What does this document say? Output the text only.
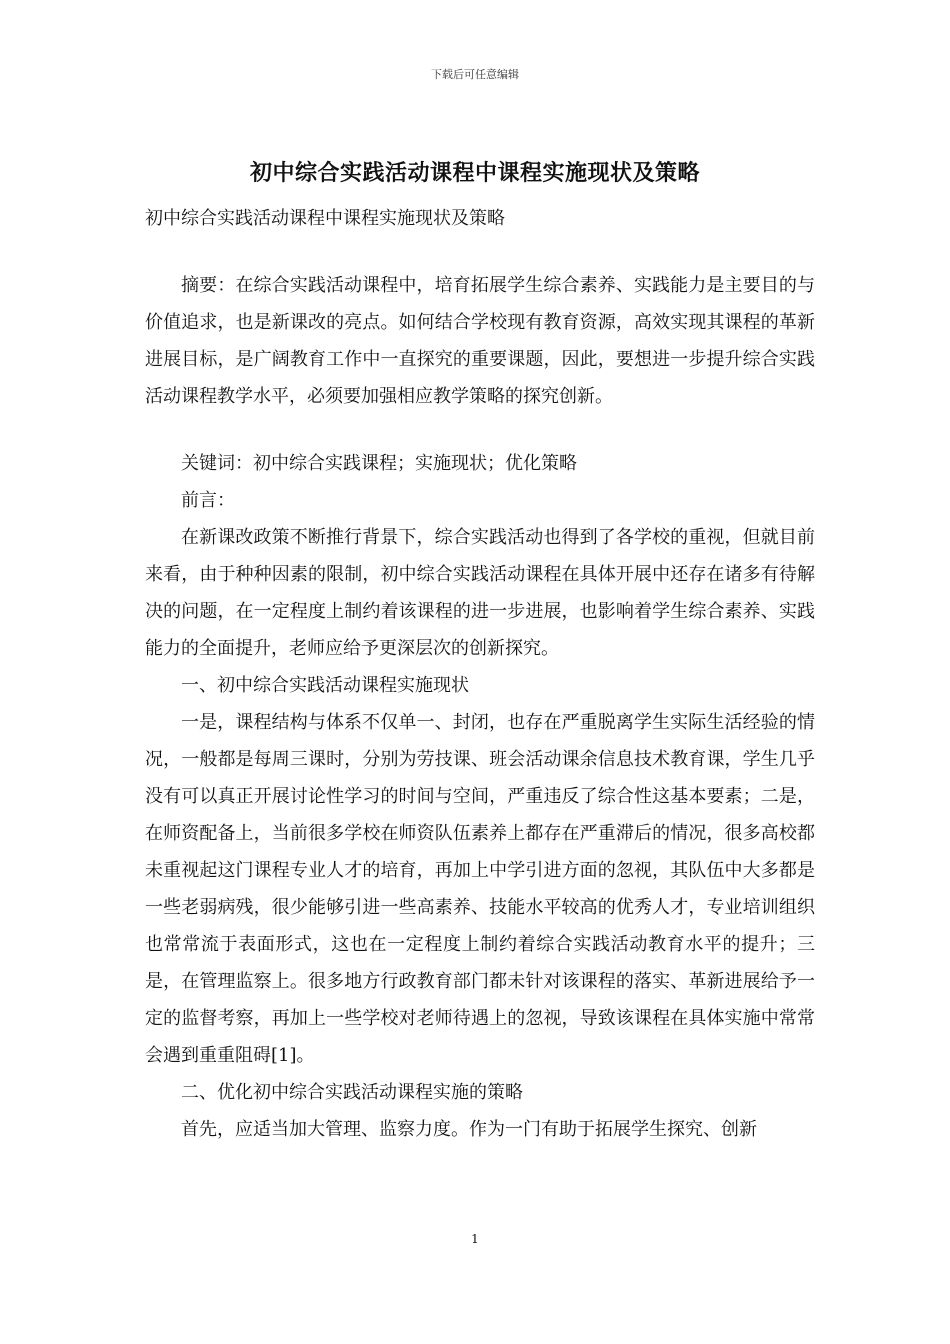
下载后可任意编辑
初中综合实践活动课程中课程实施现状及策略

初中综合实践活动课程中课程实施现状及策略

摘要：在综合实践活动课程中，培育拓展学生综合素养、实践能力是主要目的与价值追求，也是新课改的亮点。如何结合学校现有教育资源，高效实现其课程的革新进展目标，是广阔教育工作中一直探究的重要课题，因此，要想进一步提升综合实践活动课程教学水平，必须要加强相应教学策略的探究创新。

关键词：初中综合实践课程；实施现状；优化策略

前言：

在新课改政策不断推行背景下，综合实践活动也得到了各学校的重视，但就目前来看，由于种种因素的限制，初中综合实践活动课程在具体开展中还存在诸多有待解决的问题，在一定程度上制约着该课程的进一步进展，也影响着学生综合素养、实践能力的全面提升，老师应给予更深层次的创新探究。

一、初中综合实践活动课程实施现状

一是，课程结构与体系不仅单一、封闭，也存在严重脱离学生实际生活经验的情况，一般都是每周三课时，分别为劳技课、班会活动课余信息技术教育课，学生几乎没有可以真正开展讨论性学习的时间与空间，严重违反了综合性这基本要素；二是，在师资配备上，当前很多学校在师资队伍素养上都存在严重滞后的情况，很多高校都未重视起这门课程专业人才的培育，再加上中学引进方面的忽视，其队伍中大多都是一些老弱病残，很少能够引进一些高素养、技能水平较高的优秀人才，专业培训组织也常常流于表面形式，这也在一定程度上制约着综合实践活动教育水平的提升；三是，在管理监察上。很多地方行政教育部门都未针对该课程的落实、革新进展给予一定的监督考察，再加上一些学校对老师待遇上的忽视，导致该课程在具体实施中常常会遇到重重阻碍[1]。

二、优化初中综合实践活动课程实施的策略

首先，应适当加大管理、监察力度。作为一门有助于拓展学生探究、创新

1
